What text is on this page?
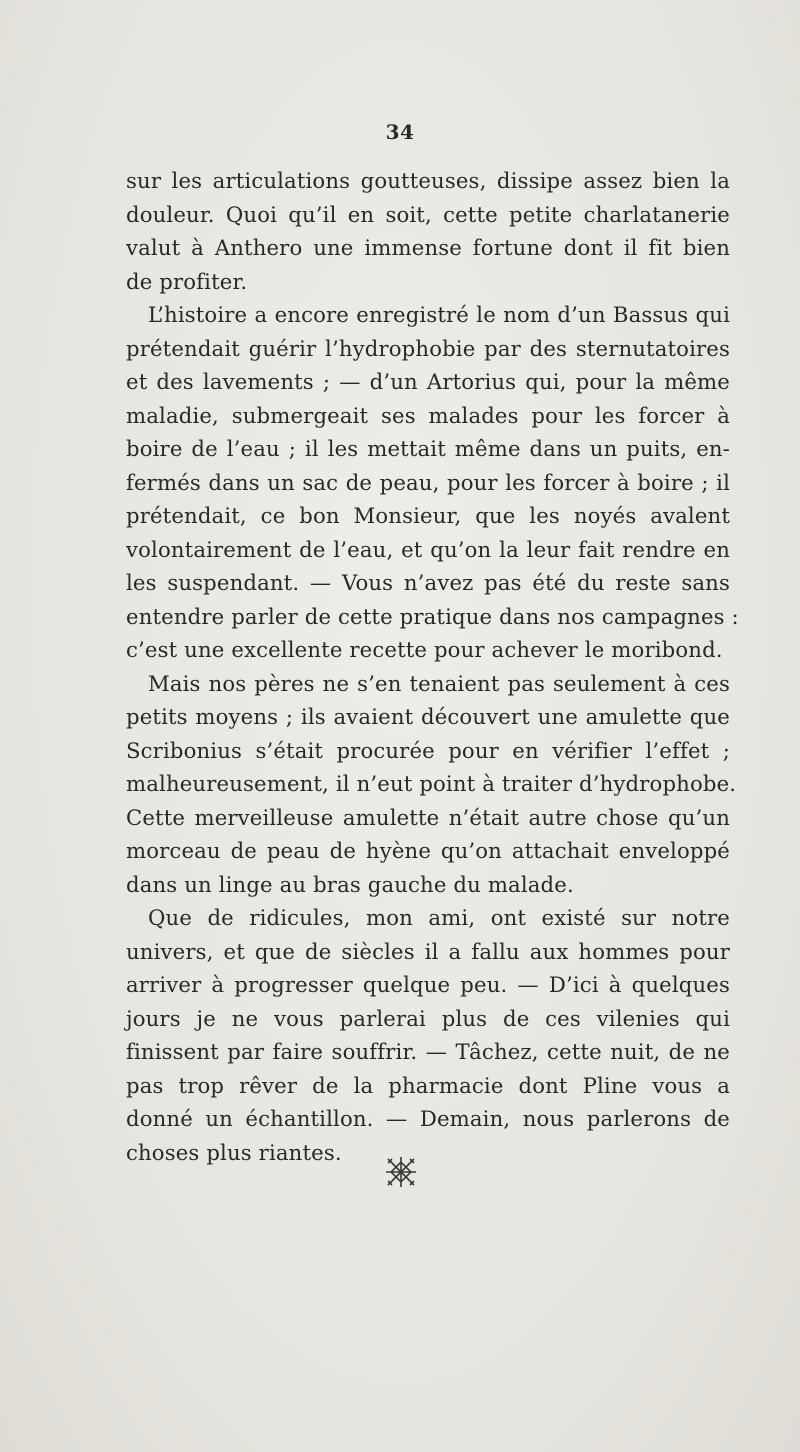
34
sur les articulations goutteuses, dissipe assez bien la
douleur. Quoi qu’il en soit, cette petite charlatanerie
valut à Anthero une immense fortune dont il fit bien
de profiter.
L’histoire a encore enregistré le nom d’un Bassus qui
prétendait guérir l’hydrophobie par des sternutatoires
et des lavements ; — d’un Artorius qui, pour la même
maladie, submergeait ses malades pour les forcer à
boire de l’eau ; il les mettait même dans un puits, en-
fermés dans un sac de peau, pour les forcer à boire ; il
prétendait, ce bon Monsieur, que les noyés avalent
volontairement de l’eau, et qu’on la leur fait rendre en
les suspendant. — Vous n’avez pas été du reste sans
entendre parler de cette pratique dans nos campagnes :
c’est une excellente recette pour achever le moribond.
Mais nos pères ne s’en tenaient pas seulement à ces
petits moyens ; ils avaient découvert une amulette que
Scribonius s’était procurée pour en vérifier l’effet ;
malheureusement, il n’eut point à traiter d’hydrophobe.
Cette merveilleuse amulette n’était autre chose qu’un
morceau de peau de hyène qu’on attachait enveloppé
dans un linge au bras gauche du malade.
Que de ridicules, mon ami, ont existé sur notre
univers, et que de siècles il a fallu aux hommes pour
arriver à progresser quelque peu. — D’ici à quelques
jours je ne vous parlerai plus de ces vilenies qui
finissent par faire souffrir. — Tâchez, cette nuit, de ne
pas trop rêver de la pharmacie dont Pline vous a
donné un échantillon. — Demain, nous parlerons de
choses plus riantes.
